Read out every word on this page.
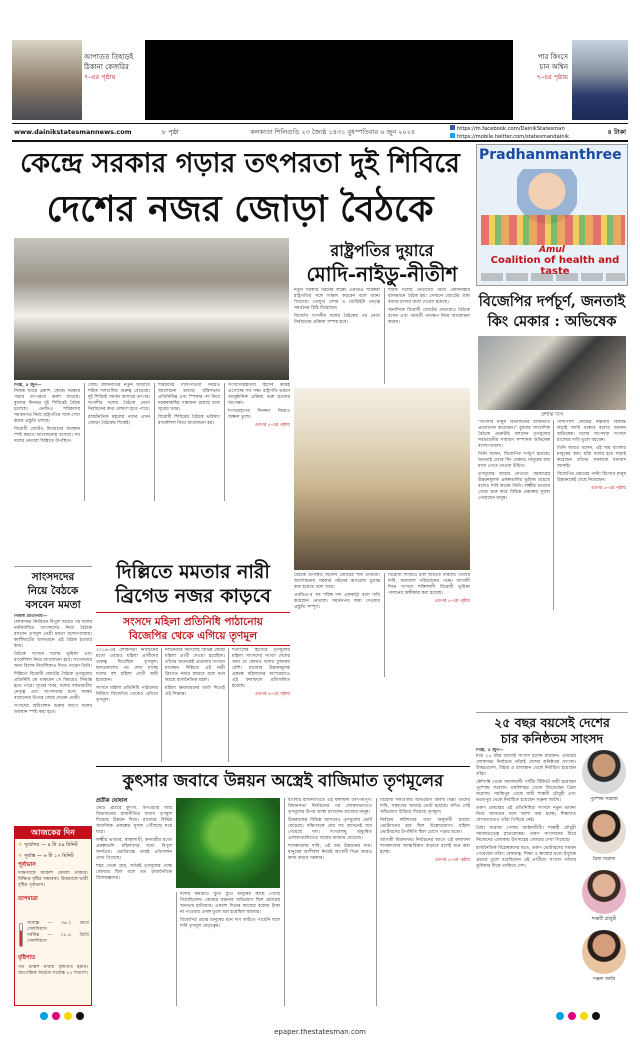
আপাতত তিহাড়ই
ঠিকানা কেজরির
৭-এর পৃষ্ঠায়
পার কিংসে
চান অশ্বিন
৭-এর পৃষ্ঠায়
www.dainikstatesmannews.com	৮ পৃষ্ঠা	কলকাতা শিলিগুড়ি ২৩ জ্যৈষ্ঠ ১৪৩১ বুধস্পতিবার ৬ জুন ২০২৪	https://m.facebook.com/DainikStatesman
https://mobile.twitter.com/statesmandainik
৪ টাকা
কেন্দ্রে সরকার গড়ার তৎপরতা দুই শিবিরে
দেশের নজর জোড়া বৈঠকে
Pradhanmanthree
Amul
Coalition of health and taste
রাষ্ট্রপতির দুয়ারে
মোদি-নাইডু-নীতীশ
দিল্লি, ৫ জুন—

নিজস্ব খবরে প্রকাশ, কেন্দ্রে সরকার গড়ার তৎপরতা ক্রমশ বাড়ছে। বুধবার দিনভর দুই শিবিরেই বৈঠক চলেছে। এনডিএ শরিকদের সমর্থনপত্র নিয়ে রাষ্ট্রপতির সঙ্গে দেখা করার প্রস্তুতি চলছে।

বিরোধী জোটও নিজেদের অবস্থান স্পষ্ট করতে আলোচনায় বসেছে। সব দলের নেতারা দিল্লিতে উপস্থিত।

জোট রাজনীতির নতুন অধ্যায়ে শরিক দলগুলির গুরুত্ব বেড়েছে। দুই শিবিরই সমর্থন আদায়ে তৎপর। সংসদীয় দলের বৈঠকে নেতা নির্বাচনের কথা ঘোষণা হতে পারে।

রাজনৈতিক মহলের নজর এখন জোড়া বৈঠকের দিকেই।

শরিকদের দাবি-দাওয়া নিয়েও আলোচনা চলছে। মন্ত্রিসভায় প্রতিনিধিত্ব এবং স্পিকার পদ নিয়ে দরকষাকষির সম্ভাবনা রয়েছে বলে সূত্রের খবর।

বিরোধী শিবিরের বৈঠকে ভবিষ্যৎ রণকৌশল নিয়ে আলোচনা হয়।

সংখ্যাগরিষ্ঠতার হিসেব কষেই এগোচ্ছে সব পক্ষ। রাষ্ট্রপতি ভবনে আনুষ্ঠানিক প্রক্রিয়া শুরু হওয়ার অপেক্ষা।

শপথগ্রহণের দিনক্ষণ নিয়েও জল্পনা তুঙ্গে।

এরপর ৫-এর পৃষ্ঠায়

নতুন সরকার গঠনের লক্ষ্যে এনডিএ শরিকরা রাষ্ট্রপতির সঙ্গে সাক্ষাৎ করবেন বলে জানা গিয়েছে। তেলুগু দেশম ও জেডিইউ নেতৃত্ব সমর্থনের চিঠি দিয়েছেন।

বিজেপি সংসদীয় দলের বৈঠকের পর নেতা নির্বাচনের প্রক্রিয়া সম্পন্ন হবে।

শরিক দলের নেতাদের নিয়ে প্রধানমন্ত্রীর বাসভবনে বৈঠক হয়। সেখানে জোটের ঐক্য বজায় রাখার বার্তা দেওয়া হয়েছে।

অন্যদিকে বিরোধী জোটের নেতারাও বৈঠকে বসেন এবং পরবর্তী পদক্ষেপ নিয়ে আলোচনা করেন।

বৈঠকে উপস্থিত ছিলেন জোটের শীর্ষ নেতারা। আলোচনায় সরকার গঠনের রূপরেখা চূড়ান্ত করা হয়েছে বলে খবর।

এনডিএ-র সব শরিক দল এককাট্টা বলে দাবি করেছেন নেতারা। সমর্থনপত্র জমা দেওয়ার প্রস্তুতি সম্পূর্ণ।

বিরোধী শিবিরও হাল ছাড়তে নারাজ। তাদের দাবি, জনাদেশ পরিবর্তনের পক্ষে। আগামী দিনে সংসদে শক্তিশালী বিরোধী ভূমিকা পালনের অঙ্গীকার করা হয়েছে।

এরপর ৫-এর পৃষ্ঠায়

বিজেপির দর্পচূর্ণ, জনতাই
কিং মেকার : অভিষেক
প্রশান্ত দাস

"বাংলার মানুষ বিভাজনের রাজনীতি প্রত্যাখ্যান করেছেন।" বুধবার সাংবাদিক বৈঠকে এমনটাই বললেন তৃণমূলের সর্বভারতীয় সাধারণ সম্পাদক অভিষেক বন্দ্যোপাধ্যায়।

তিনি বলেন, বিজেপির দর্পচূর্ণ হয়েছে। জনতাই এবার কিং মেকার। মানুষের রায় মাথা পেতে নেওয়া উচিত।

তৃণমূলের জয়ের নেপথ্যে সরকারের উন্নয়নমূলক প্রকল্পগুলির ভূমিকা রয়েছে বলেও দাবি করেন তিনি। লক্ষ্মীর ভাণ্ডার থেকে শুরু করে বিভিন্ন প্রকল্পের সুফল পেয়েছেন মানুষ।

পাশাপাশি কেন্দ্রের বঞ্চনার বিরুদ্ধে লড়াই জারি থাকবে বলেও জানান অভিষেক। দলের সাংসদরা সংসদে রাজ্যের দাবি তুলে ধরবেন।

তিনি আরও বলেন, এই জয় বাংলার মানুষের জয়। যাঁরা দলের হয়ে লড়াই করেছেন তাঁদের সকলকে ধন্যবাদ জানাই।

বিজেপির প্রচারের পাল্টা হিসেবে মানুষ উন্নয়নকেই বেছে নিয়েছেন।

এরপর ৫-এর পৃষ্ঠায়

সাংসদদের
নিয়ে বৈঠকে
বসবেন মমতা
নিজস্ব প্রতিনিধি—

লোকসভা নির্বাচনে বিপুল জয়ের পর দলের নবনির্বাচিত সাংসদদের নিয়ে বৈঠকে বসবেন তৃণমূল নেত্রী মমতা বন্দ্যোপাধ্যায়। কালীঘাটের বাসভবনে এই বৈঠক হওয়ার কথা।

বৈঠকে সংসদে দলের ভূমিকা এবং রণকৌশল নিয়ে আলোচনা হবে। সাংসদদের জন্য বিশেষ নির্দেশিকাও দিতে পারেন তিনি।

দিল্লিতে বিরোধী জোটের বৈঠকে তৃণমূলের প্রতিনিধি কে থাকবেন সে বিষয়েও সিদ্ধান্ত হতে পারে। সূত্রের খবর, দলের সর্বভারতীয় নেতৃত্ব এবং সাংসদদের মধ্যে সমন্বয় বাড়ানোর উপরে জোর দেবেন নেত্রী।

সংসদের অধিবেশন শুরুর আগে দলের অবস্থান স্পষ্ট করা হবে।

দিল্লিতে মমতার নারী
ব্রিগেড নজর কাড়বে
সংসদে মহিলা প্রতিনিধি পাঠানোয়
বিজেপির থেকে এগিয়ে তৃণমূল

২০১৯-এর লোকসভা নির্বাচনের মতো এবারও মহিলা প্রার্থীদের গুরুত্ব দিয়েছিল তৃণমূল। ফলপ্রকাশের পর দেখা যাচ্ছে দলের বহু মহিলা প্রার্থী জয়ী হয়েছেন।

সংসদে মহিলা প্রতিনিধি পাঠানোর নিরিখে বিজেপির থেকেও এগিয়ে তৃণমূল।

দলনেত্রীর নির্দেশেই বিভিন্ন কেন্দ্রে মহিলা প্রার্থী দেওয়া হয়েছিল। তাঁদের অনেকেই প্রথমবার সংসদে যাচ্ছেন। দিল্লিতে এই নারী ব্রিগেড নজর কাড়বে বলে মনে করছে রাজনৈতিক মহল।

মহিলা ক্ষমতায়নের বার্তা দিতেই এই সিদ্ধান্ত।

শতাংশের হিসেবে তৃণমূলের মহিলা সাংসদের সংখ্যা দেশের অন্য যে কোনও দলের তুলনায় বেশি। রাজ্যের উন্নয়নমূলক প্রকল্পে মহিলাদের অংশগ্রহণও এই ফলাফলে প্রতিফলিত হয়েছে।

এরপর ৫-এর পৃষ্ঠায়

২৫ বছর বয়সেই দেশের
চার কনিষ্ঠতম সাংসদ
দিল্লি, ৫ জুন—

মাত্র ২৫ বছর বয়সেই সাংসদ হলেন চারজন। এবারের লোকসভা নির্বাচনে তাঁরাই দেশের কনিষ্ঠতম সাংসদ। উত্তরপ্রদেশ, বিহার ও রাজস্থান থেকে নির্বাচিত হয়েছেন তাঁরা।

কৌশাম্বি থেকে সমাজবাদী পার্টির টিকিটে জয়ী হয়েছেন পুষ্পেন্দ্র সরোজ। মছলিশহর থেকে জিতেছেন প্রিয়া সরোজ। সমস্তিপুর থেকে জয়ী শাম্ভবী চৌধুরী এবং ভরতপুর থেকে নির্বাচিত হয়েছেন সঞ্জনা জাটব।

তরুণ প্রজন্মের এই প্রতিনিধিরা সংসদে নতুন ভাবনা নিয়ে আসবেন বলে আশা করা হচ্ছে। শিক্ষাগত যোগ্যতাতেও তাঁরা পিছিয়ে নেই।

প্রিয়া সরোজ পেশায় আইনজীবী। শাম্ভবী চৌধুরী সমাজতত্ত্বে স্নাতকোত্তর। তরুণ সাংসদদের ঘিরে নিজেদের এলাকায় উৎসাহের জোয়ার দেখা গিয়েছে।

রাজনৈতিক বিশ্লেষকদের মতে, তরুণ ভোটারদের সমর্থন পেয়েছেন তাঁরা। বেকারত্ব, শিক্ষা ও স্বাস্থ্যের মতো ইস্যুকে প্রচারে তুলে ধরেছিলেন এই প্রার্থীরা। সংসদে তাঁদের ভূমিকার দিকে তাকিয়ে দেশ।

পুষ্পেন্দ্র সরোজ
প্রিয়া সরোজ
শাম্ভবী চৌধুরী
সঞ্জনা জাটব
কুৎসার জবাবে উন্নয়ন অস্ত্রেই বাজিমাত তৃণমূলের
প্রতীক ঘোষাল

ভোট প্রচারে কুৎসা, অপপ্রচার আর বিভাজনের রাজনীতির জবাব তৃণমূল দিয়েছে উন্নয়ন দিয়ে। রাজ্যের বিভিন্ন সামাজিক প্রকল্পের সুফল পৌঁছেছে ঘরে ঘরে।

লক্ষ্মীর ভাণ্ডার, স্বাস্থ্যসাথী, কন্যাশ্রীর মতো প্রকল্পগুলি মহিলাদের মধ্যে বিপুল জনপ্রিয়। ভোটবাক্সে তারই প্রতিফলন দেখা গিয়েছে।

শহর থেকে গ্রাম, সর্বত্রই তৃণমূলের পক্ষে জোয়ার ছিল বলে মত রাজনৈতিক বিশেষজ্ঞদের।

দলের কর্মীরাও বুথে বুথে মানুষের কাছে পৌঁছে গিয়েছিলেন। কেন্দ্রের বঞ্চনার অভিযোগ ছিল প্রচারের অন্যতম হাতিয়ার। একশো দিনের কাজের বকেয়া টাকা না পাওয়ার প্রসঙ্গ তুলে ধরা হয়েছিল বারবার।

বিজেপির প্রচার মানুষের মনে দাগ কাটতে পারেনি বলে দাবি তৃণমূল নেতৃত্বের।

বাংলার রাজনীতিতে এই ফলাফল তাৎপর্যপূর্ণ। বিধানসভা নির্বাচনের পর লোকসভাতেও তৃণমূলের উপর আস্থা রাখলেন রাজ্যের মানুষ।

উত্তরবঙ্গের বিভিন্ন আসনেও তৃণমূলের ভোট বেড়েছে। দক্ষিণবঙ্গে প্রায় সব আসনেই জয় পেয়েছে দল। সংখ্যালঘু অধ্যুষিত এলাকাগুলিতেও জয়ের ব্যবধান বেড়েছে।

শাসকদলের দাবি, এই জয় উন্নয়নের জয়। মানুষের আশীর্বাদ নিয়েই আগামী দিনে আরও কাজ করবে সরকার।

বিরোধী দলগুলির অভিযোগ অবশ্য ভিন্ন। তাদের দাবি, সন্ত্রাসের আবহে ভোট হয়েছে। যদিও সেই অভিযোগ উড়িয়ে দিয়েছে তৃণমূল।

নির্বাচন কমিশনের তথ্য অনুযায়ী রাজ্যে ভোটদানের হার ছিল উল্লেখযোগ্য। মহিলা ভোটারদের উপস্থিতি ছিল চোখে পড়ার মতো।

আগামী বিধানসভা নির্বাচনের আগে এই ফলাফল শাসকদলের আত্মবিশ্বাস বাড়াবে বলেই মনে করা হচ্ছে।

এরপর ৫-এর পৃষ্ঠায়

আজকের দিন
☀ সূর্যোদয় — ৪ টা ৫৪ মিনিট
☼ সূর্যাস্ত — ৬ টা ১৭ মিনিট
পূর্বাভাস
দক্ষিণবঙ্গে আকাশ মেঘলা থাকবে। বিক্ষিপ্ত বৃষ্টির সম্ভাবনা। উত্তরবঙ্গে ভারী বৃষ্টির পূর্বাভাস।
তাপমাত্রা
সর্বোচ্চ — ৩৬.২ ডিগ্রি সেলসিয়াস
সর্বনিম্ন — ২৮.৪ ডিগ্রি সেলসিয়াস
বৃষ্টিপাত
গত চব্বিশ ঘণ্টায় বৃষ্টিপাত হয়নি। আপেক্ষিক আর্দ্রতা সর্বোচ্চ ৮২ শতাংশ।
epaper.thestatesman.com
